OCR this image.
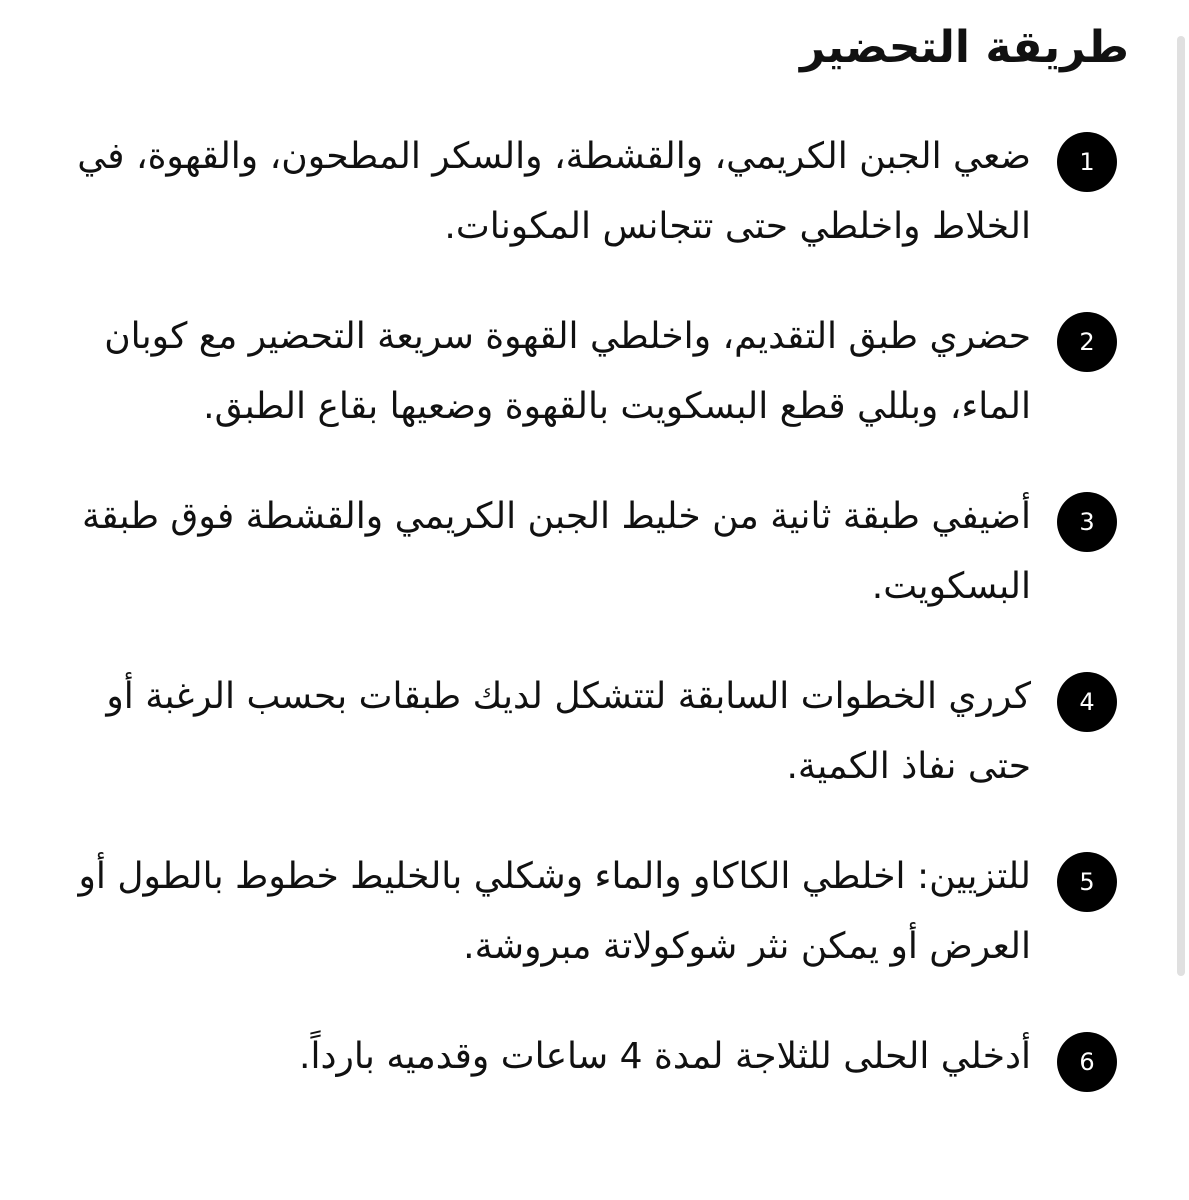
طريقة التحضير
1
ضعي الجبن الكريمي، والقشطة، والسكر المطحون، والقهوة، في الخلاط واخلطي حتى تتجانس المكونات.
2
حضري طبق التقديم، واخلطي القهوة سريعة التحضير مع كوبان الماء، وبللي قطع البسكويت بالقهوة وضعيها بقاع الطبق.
3
أضيفي طبقة ثانية من خليط الجبن الكريمي والقشطة فوق طبقة البسكويت.
4
كرري الخطوات السابقة لتتشكل لديك طبقات بحسب الرغبة أو حتى نفاذ الكمية.
5
للتزيين: اخلطي الكاكاو والماء وشكلي بالخليط خطوط بالطول أو العرض أو يمكن نثر شوكولاتة مبروشة.
6
أدخلي الحلى للثلاجة لمدة 4 ساعات وقدميه بارداً.
